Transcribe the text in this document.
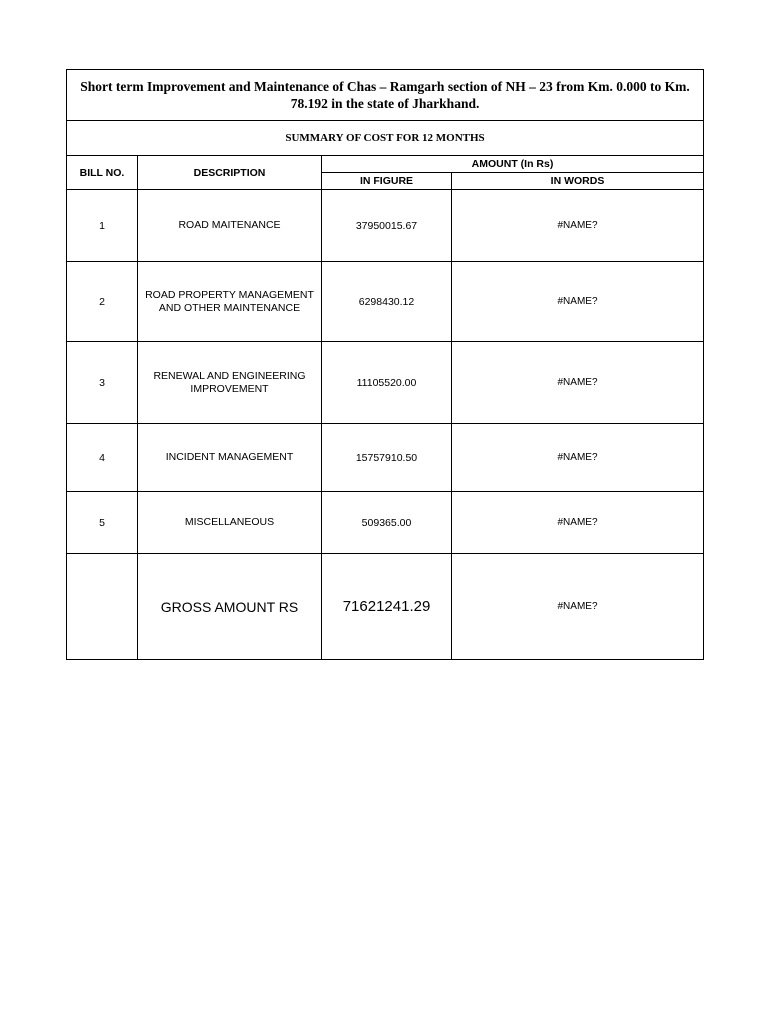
Short term Improvement and Maintenance of Chas – Ramgarh section of NH – 23 from Km. 0.000 to Km. 78.192 in the state of Jharkhand.			
SUMMARY OF COST FOR 12 MONTHS			
BILL NO.	DESCRIPTION	AMOUNT (In Rs)	
		IN FIGURE	IN WORDS
1	ROAD MAITENANCE	37950015.67	#NAME?
2	ROAD PROPERTY MANAGEMENT AND OTHER MAINTENANCE	6298430.12	#NAME?
3	RENEWAL AND ENGINEERING IMPROVEMENT	11105520.00	#NAME?
4	INCIDENT MANAGEMENT	15757910.50	#NAME?
5	MISCELLANEOUS	509365.00	#NAME?
	GROSS AMOUNT RS	71621241.29	#NAME?
